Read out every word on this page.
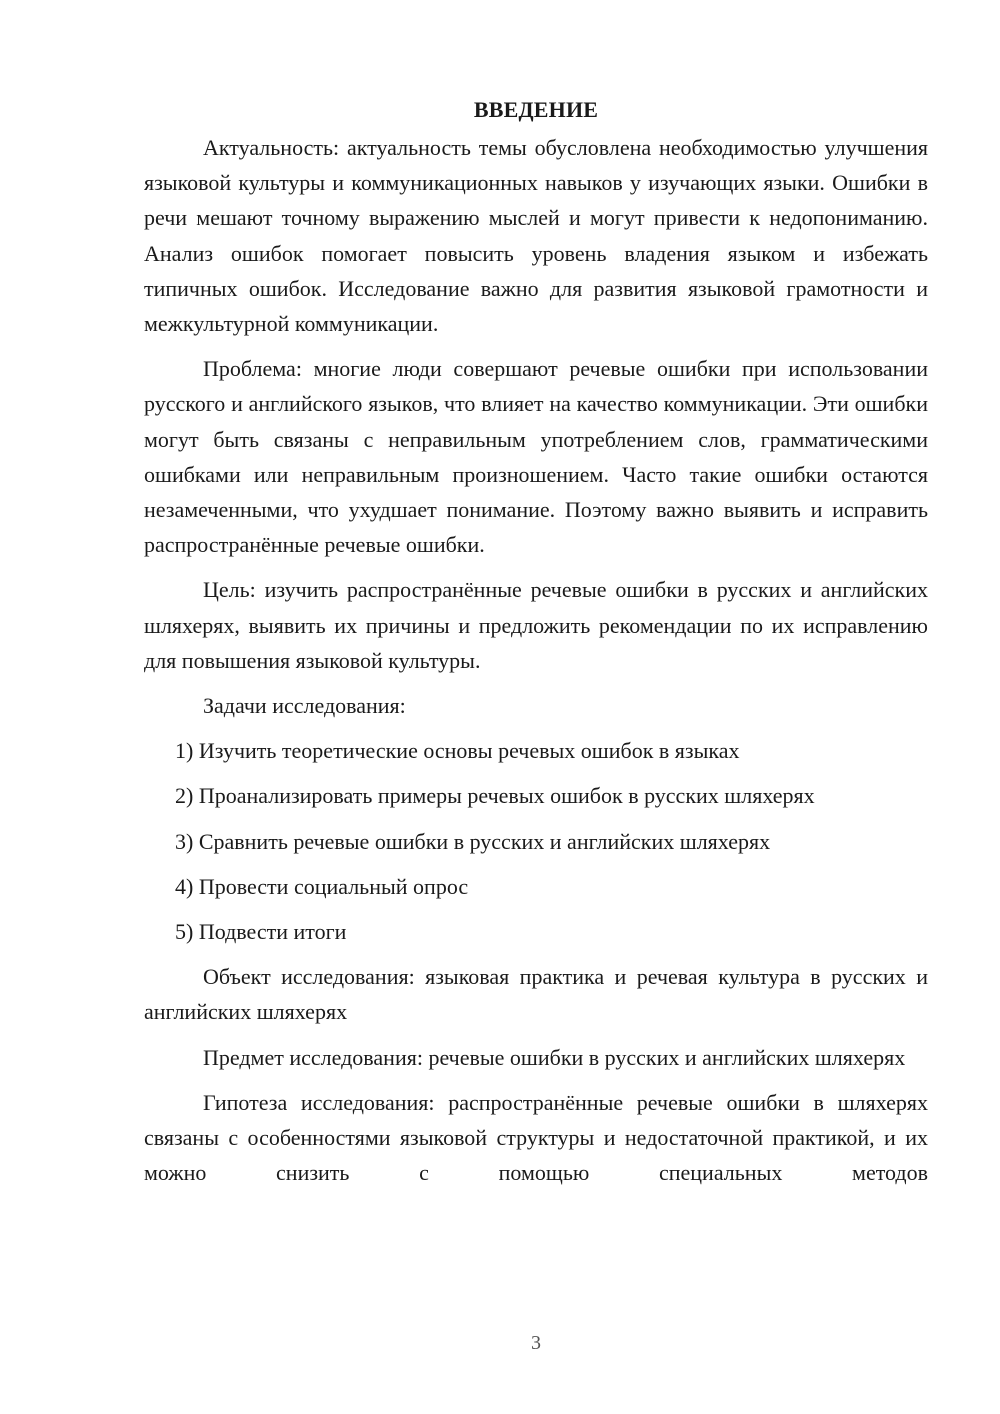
ВВЕДЕНИЕ

Актуальность: актуальность темы обусловлена необходимостью улучшения языковой культуры и коммуникационных навыков у изучающих языки. Ошибки в речи мешают точному выражению мыслей и могут привести к недопониманию. Анализ ошибок помогает повысить уровень владения языком и избежать типичных ошибок. Исследование важно для развития языковой грамотности и межкультурной коммуникации.

Проблема: многие люди совершают речевые ошибки при использовании русского и английского языков, что влияет на качество коммуникации. Эти ошибки могут быть связаны с неправильным употреблением слов, грамматическими ошибками или неправильным произношением. Часто такие ошибки остаются незамеченными, что ухудшает понимание. Поэтому важно выявить и исправить распространённые речевые ошибки.

Цель: изучить распространённые речевые ошибки в русских и английских шляхерях, выявить их причины и предложить рекомендации по их исправлению для повышения языковой культуры.

Задачи исследования:
1) Изучить теоретические основы речевых ошибок в языках
2) Проанализировать примеры речевых ошибок в русских шляхерях
3) Сравнить речевые ошибки в русских и английских шляхерях
4) Провести социальный опрос
5) Подвести итоги

Объект исследования: языковая практика и речевая культура в русских и английских шляхерях

Предмет исследования: речевые ошибки в русских и английских шляхерях

Гипотеза исследования: распространённые речевые ошибки в шляхерях связаны с особенностями языковой структуры и недостаточной практикой, и их можно снизить с помощью специальных методов

3
